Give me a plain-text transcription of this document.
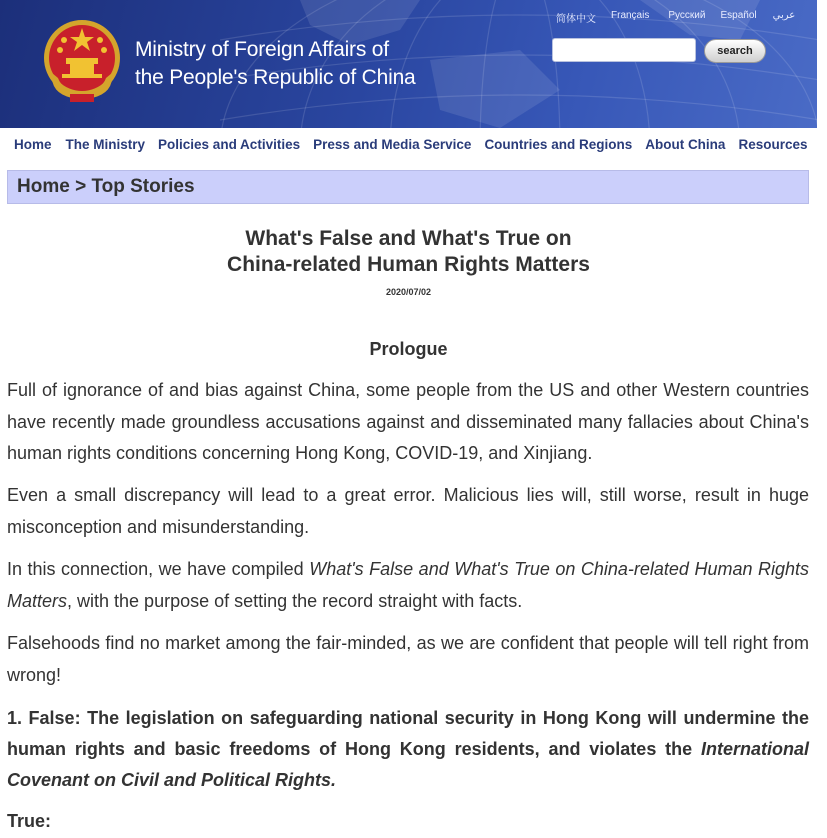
Ministry of Foreign Affairs of
the People's Republic of China
简体中文 Français Русский Español عربي
search
Home The Ministry Policies and Activities Press and Media Service Countries and Regions About China Resources
Home > Top Stories
What's False and What's True on
China-related Human Rights Matters
2020/07/02
Prologue

Full of ignorance of and bias against China, some people from the US and other Western countries have recently made groundless accusations against and disseminated many fallacies about China's human rights conditions concerning Hong Kong, COVID-19, and Xinjiang.

Even a small discrepancy will lead to a great error. Malicious lies will, still worse, result in huge misconception and misunderstanding.

In this connection, we have compiled What's False and What's True on China-related Human Rights Matters, with the purpose of setting the record straight with facts.

Falsehoods find no market among the fair-minded, as we are confident that people will tell right from wrong!

1. False: The legislation on safeguarding national security in Hong Kong will undermine the human rights and basic freedoms of Hong Kong residents, and violates the International Covenant on Civil and Political Rights.

True:
